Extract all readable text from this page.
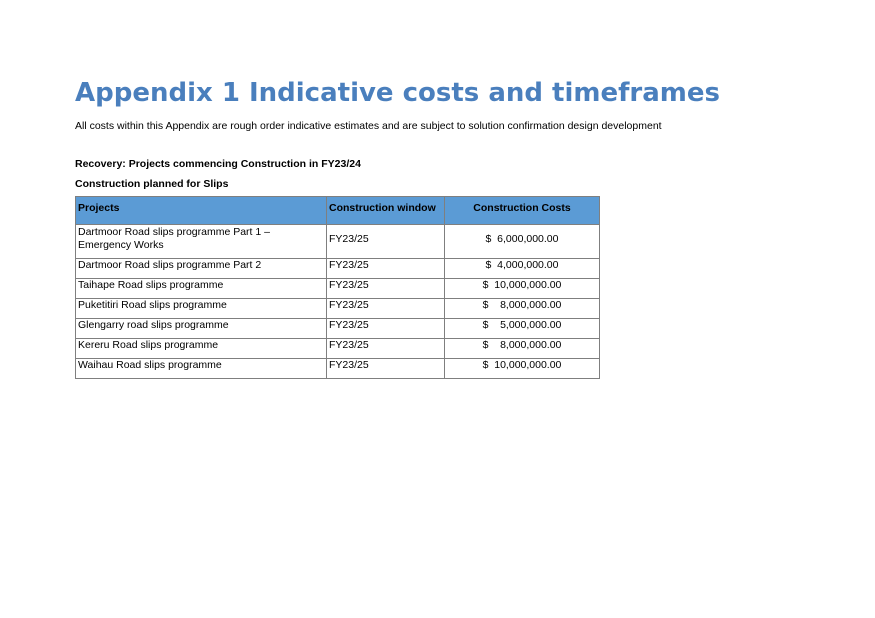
Appendix 1 Indicative costs and timeframes
All costs within this Appendix are rough order indicative estimates and are subject to solution confirmation design development
Recovery: Projects commencing Construction in FY23/24
Construction planned for Slips
Projects	Construction window	Construction Costs
Dartmoor Road slips programme Part 1 – Emergency Works	FY23/25	$  6,000,000.00
Dartmoor Road slips programme Part 2	FY23/25	$  4,000,000.00
Taihape Road slips programme	FY23/25	$  10,000,000.00
Puketitiri Road slips programme	FY23/25	$    8,000,000.00
Glengarry road slips programme	FY23/25	$    5,000,000.00
Kereru Road slips programme	FY23/25	$    8,000,000.00
Waihau Road slips programme	FY23/25	$  10,000,000.00
